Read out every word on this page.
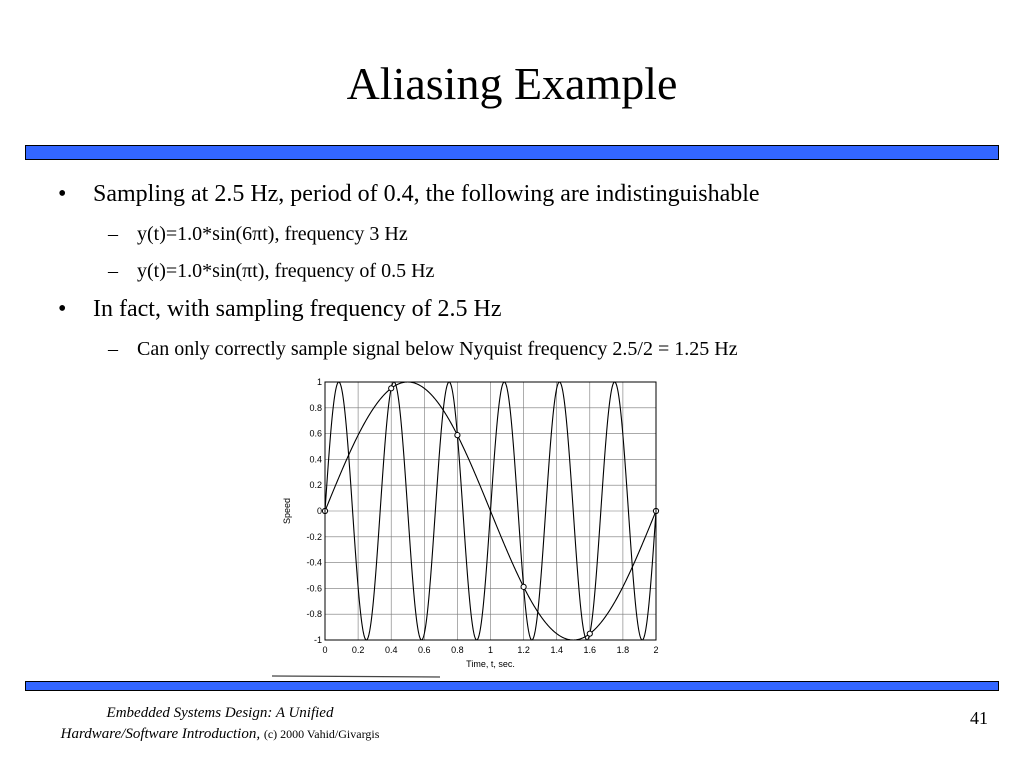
Aliasing Example
• Sampling at 2.5 Hz, period of 0.4, the following are indistinguishable
– y(t)=1.0*sin(6πt), frequency 3 Hz
– y(t)=1.0*sin(πt), frequency of 0.5 Hz
• In fact, with sampling frequency of 2.5 Hz
– Can only correctly sample signal below Nyquist frequency 2.5/2 = 1.25 Hz
0	0.2 0.4 0.6 0.8	1	1.2 1.4 1.6 1.8	2
1
0.8
0.6
0.4
0.2
0
-0.2
-0.4
-0.6
-0.8
-1
Time, t, sec.
Speed
Embedded Systems Design: A Unified
Hardware/Software Introduction, (c) 2000 Vahid/Givargis
41
